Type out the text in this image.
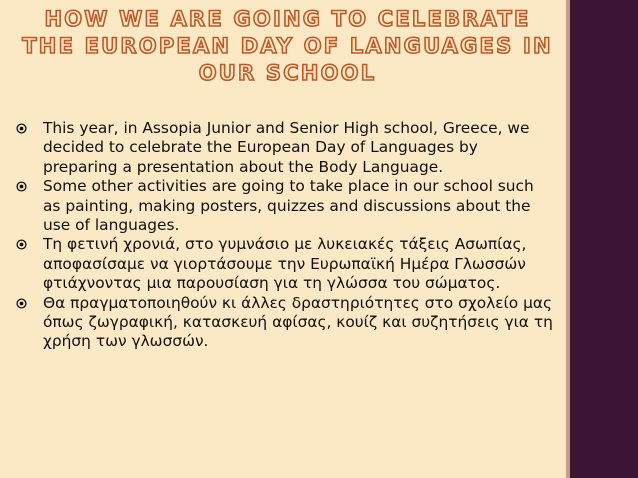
HOW WE ARE GOING TO CELEBRATE THE EUROPEAN DAY OF LANGUAGES IN OUR SCHOOL
This year, in Assopia Junior and Senior High school, Greece, we decided to celebrate the European Day of Languages by preparing a presentation about the Body Language.
Some other activities are going to take place in our school such as painting, making posters, quizzes and discussions about the use of languages.
Τη φετινή χρονιά, στο γυμνάσιο με λυκειακές τάξεις Ασωπίας, αποφασίσαμε να γιορτάσουμε την Ευρωπαϊκή Ημέρα Γλωσσών φτιάχνοντας μια παρουσίαση για τη γλώσσα του σώματος.
Θα πραγματοποιηθούν κι άλλες δραστηριότητες στο σχολείο μας όπως ζωγραφική, κατασκευή αφίσας, κουίζ και συζητήσεις για τη χρήση των γλωσσών.
